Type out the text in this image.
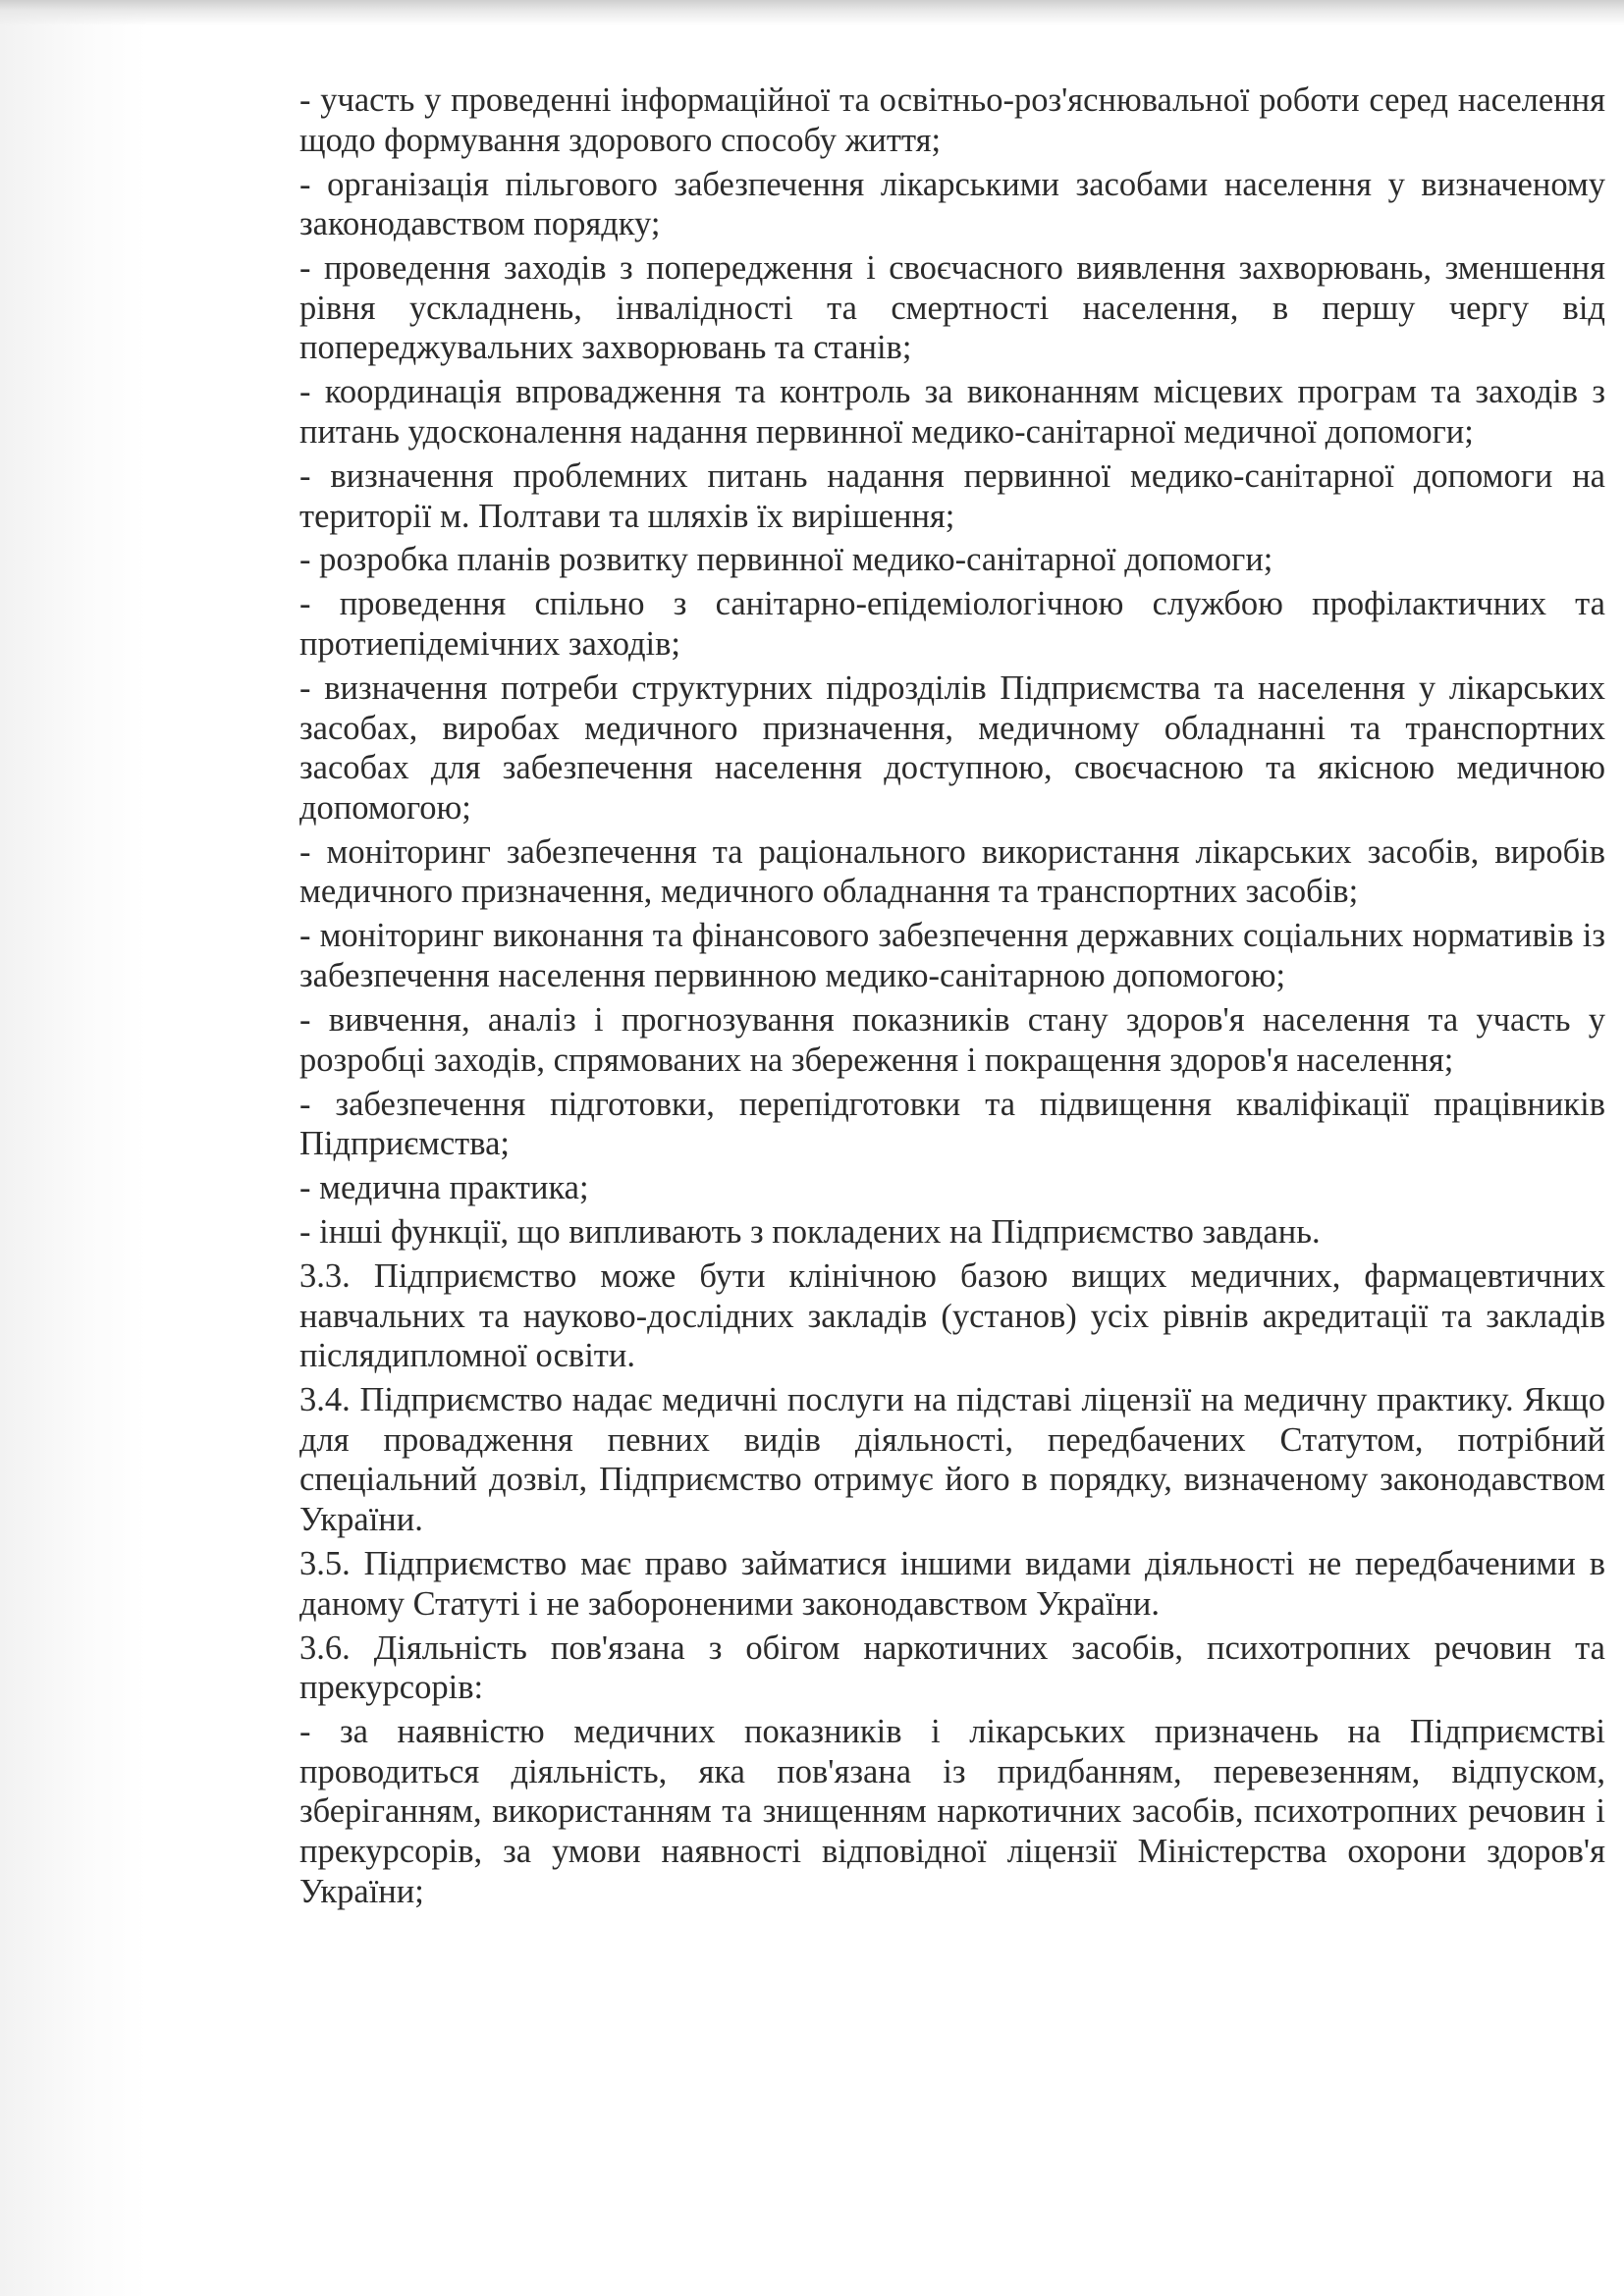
- участь у проведенні інформаційної та освітньо-роз'яснювальної роботи серед населення щодо формування здорового способу життя;

- організація пільгового забезпечення лікарськими засобами населення у визначеному законодавством порядку;

- проведення заходів з попередження і своєчасного виявлення захворювань, зменшення рівня ускладнень, інвалідності та смертності населення, в першу чергу від попереджувальних захворювань та станів;

- координація впровадження та контроль за виконанням місцевих програм та заходів з питань удосконалення надання первинної медико-санітарної медичної допомоги;

- визначення проблемних питань надання первинної медико-санітарної допомоги на території м. Полтави та шляхів їх вирішення;

- розробка планів розвитку первинної медико-санітарної допомоги;

- проведення спільно з санітарно-епідеміологічною службою профілактичних та протиепідемічних заходів;

- визначення потреби структурних підрозділів Підприємства та населення у лікарських засобах, виробах медичного призначення, медичному обладнанні та транспортних засобах для забезпечення населення доступною, своєчасною та якісною медичною допомогою;

- моніторинг забезпечення та раціонального використання лікарських засобів, виробів медичного призначення, медичного обладнання та транспортних засобів;

- моніторинг виконання та фінансового забезпечення державних соціальних нормативів із забезпечення населення первинною медико-санітарною допомогою;

- вивчення, аналіз і прогнозування показників стану здоров'я населення та участь у розробці заходів, спрямованих на збереження і покращення здоров'я населення;

- забезпечення підготовки, перепідготовки та підвищення кваліфікації працівників Підприємства;

- медична практика;

- інші функції, що випливають з покладених на Підприємство завдань.

3.3. Підприємство може бути клінічною базою вищих медичних, фармацевтичних навчальних та науково-дослідних закладів (установ) усіх рівнів акредитації та закладів післядипломної освіти.

3.4. Підприємство надає медичні послуги на підставі ліцензії на медичну практику. Якщо для провадження певних видів діяльності, передбачених Статутом, потрібний спеціальний дозвіл, Підприємство отримує його в порядку, визначеному законодавством України.

3.5. Підприємство має право займатися іншими видами діяльності не передбаченими в даному Статуті і не забороненими законодавством України.

3.6. Діяльність пов'язана з обігом наркотичних засобів, психотропних речовин та прекурсорів:

- за наявністю медичних показників і лікарських призначень на Підприємстві проводиться діяльність, яка пов'язана із придбанням, перевезенням, відпуском, зберіганням, використанням та знищенням наркотичних засобів, психотропних речовин і прекурсорів, за умови наявності відповідної ліцензії Міністерства охорони здоров'я України;
